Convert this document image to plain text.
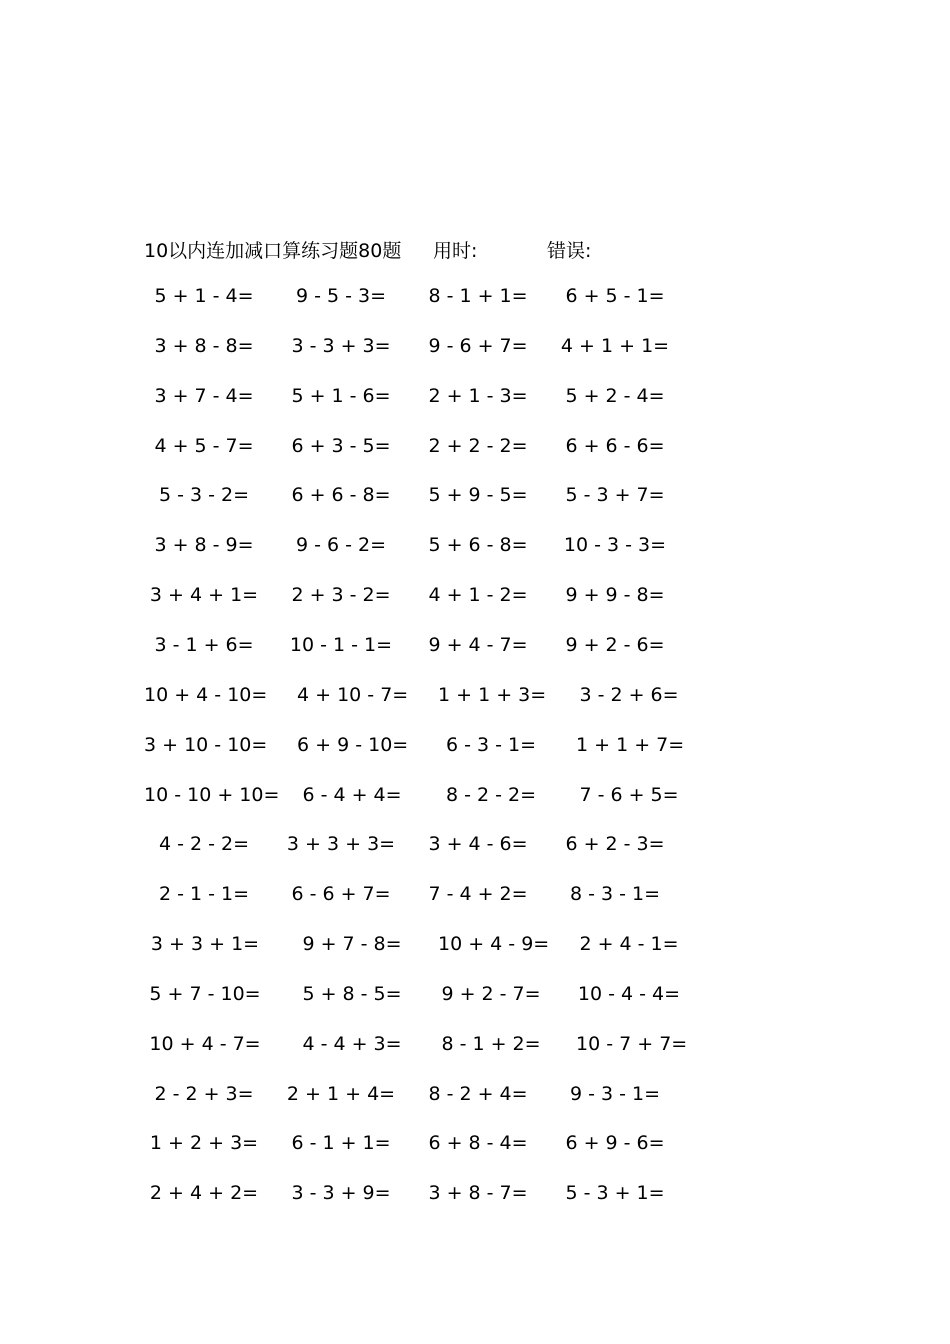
10以内连加减口算练习题80题 用时:	错误:
5 + 1 - 4=	9 - 5 - 3=	8 - 1 + 1=	6 + 5 - 1=
3 + 8 - 8=	3 - 3 + 3=	9 - 6 + 7=	4 + 1 + 1=
3 + 7 - 4=	5 + 1 - 6=	2 + 1 - 3=	5 + 2 - 4=
4 + 5 - 7=	6 + 3 - 5=	2 + 2 - 2=	6 + 6 - 6=
5 - 3 - 2=	6 + 6 - 8=	5 + 9 - 5=	5 - 3 + 7=
3 + 8 - 9=	9 - 6 - 2=	5 + 6 - 8=	10 - 3 - 3=
3 + 4 + 1=	2 + 3 - 2=	4 + 1 - 2=	9 + 9 - 8=
3 - 1 + 6=	10 - 1 - 1=	9 + 4 - 7=	9 + 2 - 6=
10 + 4 - 10= 4 + 10 - 7= 1 + 1 + 3= 3 - 2 + 6=
3 + 10 - 10= 6 + 9 - 10=	6 - 3 - 1=	1 + 1 + 7=
10 - 10 + 10= 6 - 4 + 4=	8 - 2 - 2=	7 - 6 + 5=
4 - 2 - 2=	3 + 3 + 3=	3 + 4 - 6=	6 + 2 - 3=
2 - 1 - 1=	6 - 6 + 7=	7 - 4 + 2=	8 - 3 - 1=
3 + 3 + 1=	9 + 7 - 8= 10 + 4 - 9= 2 + 4 - 1=
5 + 7 - 10= 5 + 8 - 5= 9 + 2 - 7= 10 - 4 - 4=
10 + 4 - 7= 4 - 4 + 3= 8 - 1 + 2= 10 - 7 + 7=
2 - 2 + 3=	2 + 1 + 4=	8 - 2 + 4=	9 - 3 - 1=
1 + 2 + 3=	6 - 1 + 1=	6 + 8 - 4=	6 + 9 - 6=
2 + 4 + 2=	3 - 3 + 9=	3 + 8 - 7=	5 - 3 + 1=
